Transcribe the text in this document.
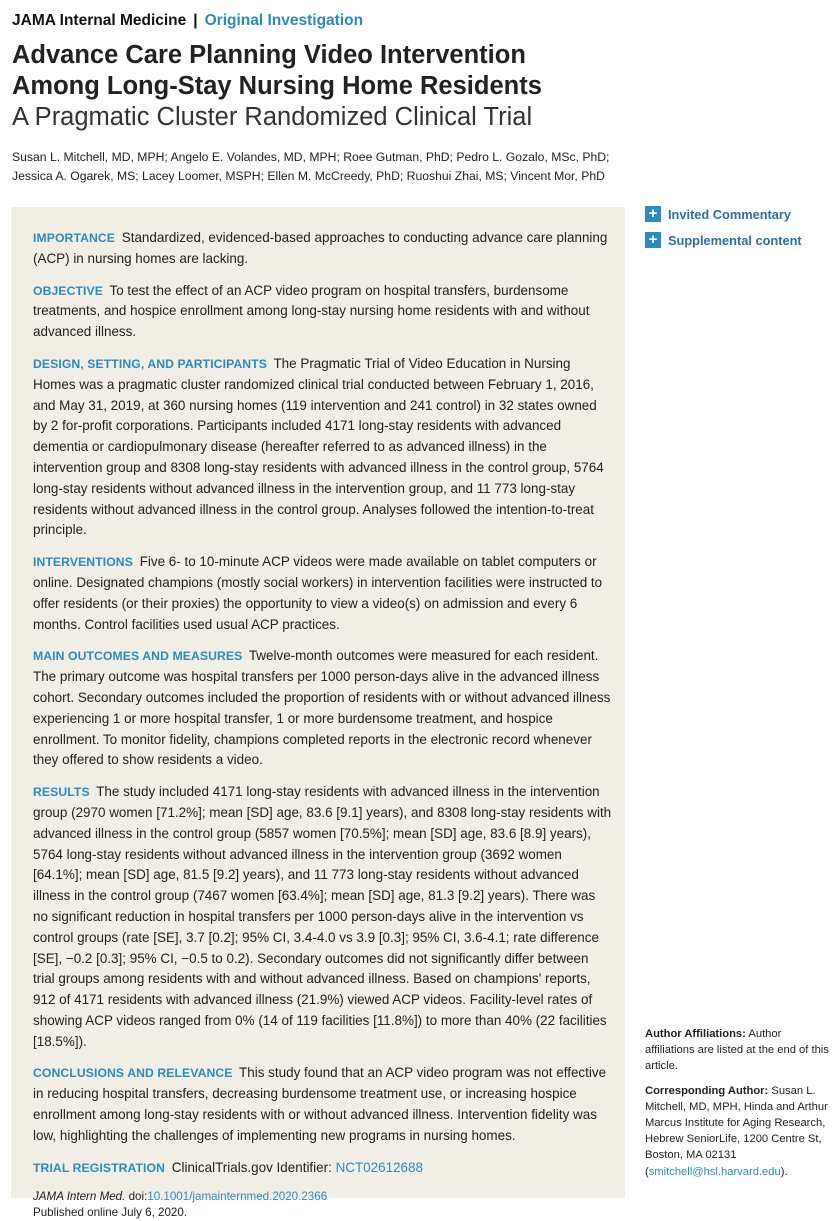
JAMA Internal Medicine | Original Investigation
Advance Care Planning Video Intervention
Among Long-Stay Nursing Home Residents
A Pragmatic Cluster Randomized Clinical Trial
Susan L. Mitchell, MD, MPH; Angelo E. Volandes, MD, MPH; Roee Gutman, PhD; Pedro L. Gozalo, MSc, PhD;
Jessica A. Ogarek, MS; Lacey Loomer, MSPH; Ellen M. McCreedy, PhD; Ruoshui Zhai, MS; Vincent Mor, PhD
IMPORTANCE Standardized, evidenced-based approaches to conducting advance care planning (ACP) in nursing homes are lacking.
OBJECTIVE To test the effect of an ACP video program on hospital transfers, burdensome treatments, and hospice enrollment among long-stay nursing home residents with and without advanced illness.
DESIGN, SETTING, AND PARTICIPANTS The Pragmatic Trial of Video Education in Nursing Homes was a pragmatic cluster randomized clinical trial conducted between February 1, 2016, and May 31, 2019, at 360 nursing homes (119 intervention and 241 control) in 32 states owned by 2 for-profit corporations. Participants included 4171 long-stay residents with advanced dementia or cardiopulmonary disease (hereafter referred to as advanced illness) in the intervention group and 8308 long-stay residents with advanced illness in the control group, 5764 long-stay residents without advanced illness in the intervention group, and 11 773 long-stay residents without advanced illness in the control group. Analyses followed the intention-to-treat principle.
INTERVENTIONS Five 6- to 10-minute ACP videos were made available on tablet computers or online. Designated champions (mostly social workers) in intervention facilities were instructed to offer residents (or their proxies) the opportunity to view a video(s) on admission and every 6 months. Control facilities used usual ACP practices.
MAIN OUTCOMES AND MEASURES Twelve-month outcomes were measured for each resident. The primary outcome was hospital transfers per 1000 person-days alive in the advanced illness cohort. Secondary outcomes included the proportion of residents with or without advanced illness experiencing 1 or more hospital transfer, 1 or more burdensome treatment, and hospice enrollment. To monitor fidelity, champions completed reports in the electronic record whenever they offered to show residents a video.
RESULTS The study included 4171 long-stay residents with advanced illness in the intervention group (2970 women [71.2%]; mean [SD] age, 83.6 [9.1] years), and 8308 long-stay residents with advanced illness in the control group (5857 women [70.5%]; mean [SD] age, 83.6 [8.9] years), 5764 long-stay residents without advanced illness in the intervention group (3692 women [64.1%]; mean [SD] age, 81.5 [9.2] years), and 11 773 long-stay residents without advanced illness in the control group (7467 women [63.4%]; mean [SD] age, 81.3 [9.2] years). There was no significant reduction in hospital transfers per 1000 person-days alive in the intervention vs control groups (rate [SE], 3.7 [0.2]; 95% CI, 3.4-4.0 vs 3.9 [0.3]; 95% CI, 3.6-4.1; rate difference [SE], −0.2 [0.3]; 95% CI, −0.5 to 0.2). Secondary outcomes did not significantly differ between trial groups among residents with and without advanced illness. Based on champions' reports, 912 of 4171 residents with advanced illness (21.9%) viewed ACP videos. Facility-level rates of showing ACP videos ranged from 0% (14 of 119 facilities [11.8%]) to more than 40% (22 facilities [18.5%]).
CONCLUSIONS AND RELEVANCE This study found that an ACP video program was not effective in reducing hospital transfers, decreasing burdensome treatment use, or increasing hospice enrollment among long-stay residents with or without advanced illness. Intervention fidelity was low, highlighting the challenges of implementing new programs in nursing homes.
TRIAL REGISTRATION ClinicalTrials.gov Identifier: NCT02612688
JAMA Intern Med. doi:10.1001/jamainternmed.2020.2366
Published online July 6, 2020.
+ Invited Commentary
+ Supplemental content

Author Affiliations: Author affiliations are listed at the end of this article.

Corresponding Author: Susan L. Mitchell, MD, MPH, Hinda and Arthur Marcus Institute for Aging Research, Hebrew SeniorLife, 1200 Centre St, Boston, MA 02131 (smitchell@hsl.harvard.edu).
